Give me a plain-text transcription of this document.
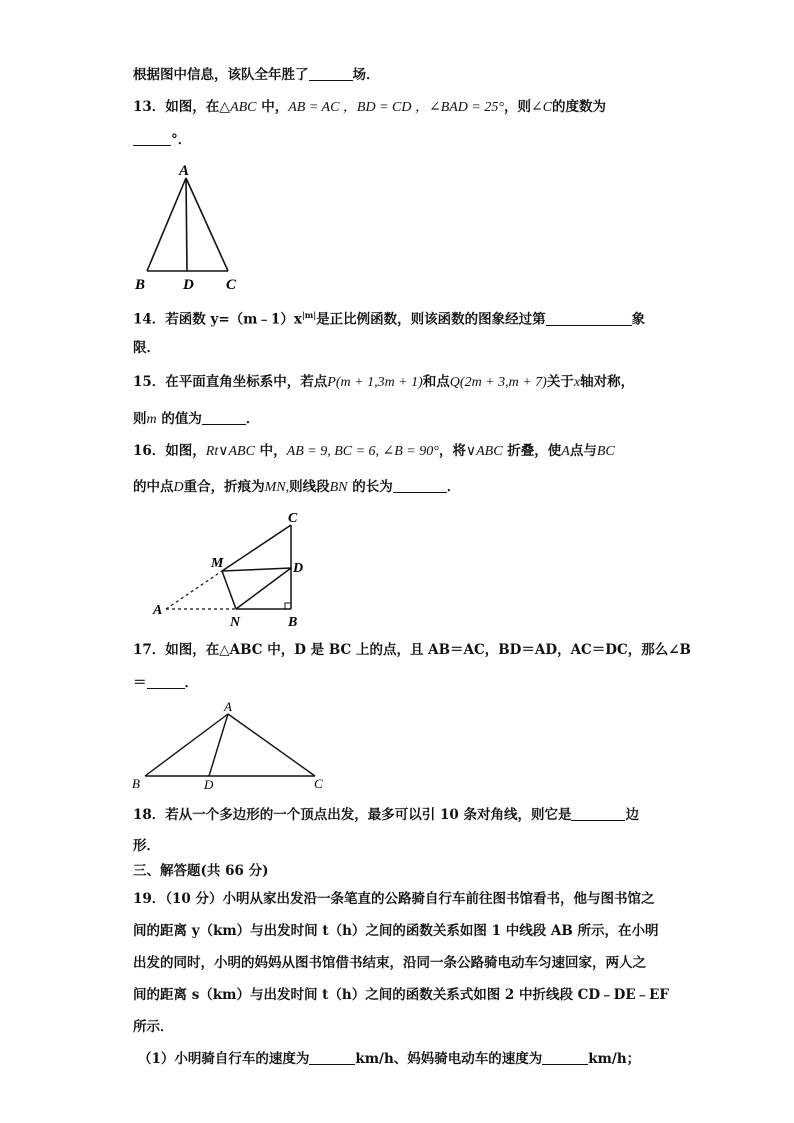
根据图中信息，该队全年胜了	场．
13．如图，在△ABC 中，AB = AC ，BD = CD ，∠BAD = 25°，则∠C的度数为
°．
A
B	D C
14．若函数 $y=(m﹣1)x^{|m|}$是正比例函数，则该函数的图象经过第	象
限．
15．在平面直角坐标系中，若点P(m + 1,3m + 1)和点Q(2m + 3,m + 7)关于x轴对称，
则m 的值为	．
16．如图，Rt∨ABC 中，AB = 9, BC = 6, ∠B = 90°，将∨ABC 折叠，使A点与BC
的中点D重合，折痕为MN,则线段BN 的长为	．
C
M	D
A
N	B
17．如图，在△ABC 中，D 是 BC 上的点，且 AB＝AC，BD＝AD，AC＝DC，那么∠B
＝	．
A
B	D	C
18．若从一个多边形的一个顶点出发，最多可以引 10 条对角线，则它是	边
形．
三、解答题(共 66 分)
19．（10 分）小明从家出发沿一条笔直的公路骑自行车前往图书馆看书，他与图书馆之
间的距离 y（km）与出发时间 t（h）之间的函数关系如图 1 中线段 AB 所示，在小明
出发的同时，小明的妈妈从图书馆借书结束，沿同一条公路骑电动车匀速回家，两人之
间的距离 s（km）与出发时间 t（h）之间的函数关系式如图 2 中折线段 CD﹣DE﹣EF
所示．
（1）小明骑自行车的速度为	km/h、妈妈骑电动车的速度为	km/h；
